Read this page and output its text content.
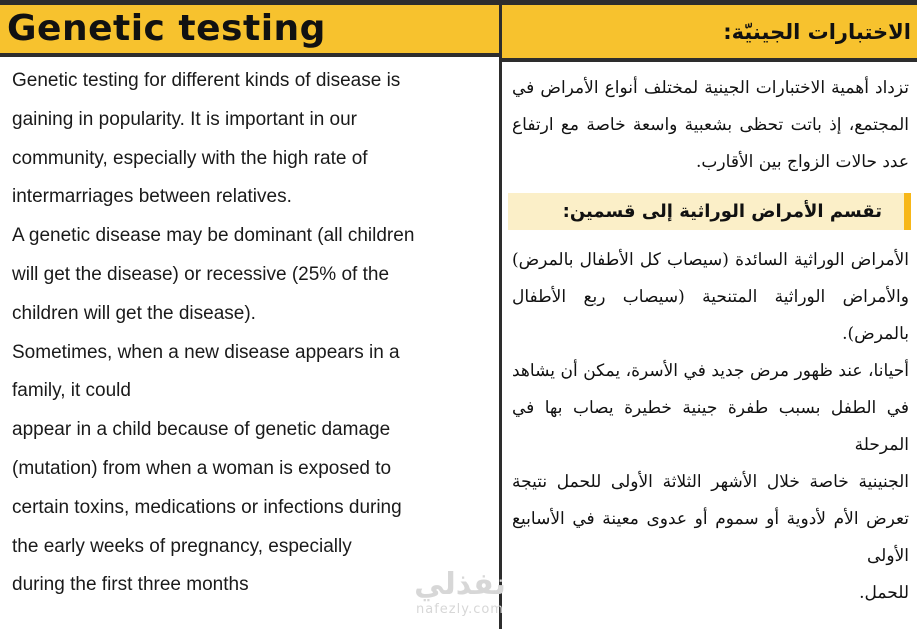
Genetic testing	الاختبارات الجينيّة:

Genetic testing for different kinds of disease is

gaining in popularity. It is important in our

community, especially with the high rate of

intermarriages between relatives.

A genetic disease may be dominant (all children

will get the disease) or recessive (25% of the

children will get the disease).

Sometimes, when a new disease appears in a

family, it could

appear in a child because of genetic damage

(mutation) from when a woman is exposed to

certain toxins, medications or infections during

the early weeks of pregnancy, especially

during the first three months

تزداد أهمية الاختبارات الجينية لمختلف أنواع الأمراض في المجتمع، إذ باتت تحظى بشعبية واسعة خاصة مع ارتفاع عدد حالات الزواج بين الأقارب.

تقسم الأمراض الوراثية إلى قسمين:

الأمراض الوراثية السائدة (سيصاب كل الأطفال بالمرض) والأمراض الوراثية المتنحية (سيصاب ربع الأطفال بالمرض).

أحيانا، عند ظهور مرض جديد في الأسرة، يمكن أن يشاهد في الطفل بسبب طفرة جينية خطيرة يصاب بها في المرحلة

الجنينية خاصة خلال الأشهر الثلاثة الأولى للحمل نتيجة تعرض الأم لأدوية أو سموم أو عدوى معينة في الأسابيع الأولى

للحمل.

نفذلي
nafezly.com
